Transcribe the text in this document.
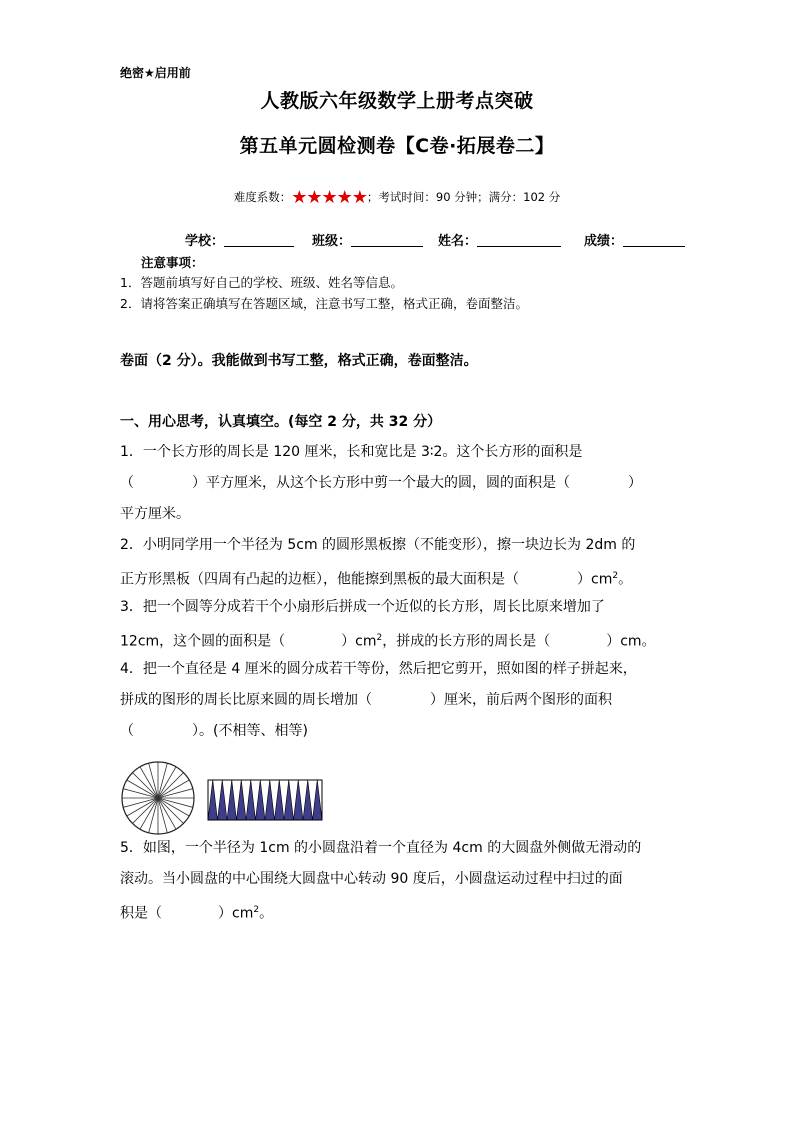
绝密★启用前
人教版六年级数学上册考点突破
第五单元圆检测卷【C卷·拓展卷二】
难度系数：★★★★★；考试时间：90 分钟；满分：102 分
学校：	班级：	姓名：	成绩：
注意事项：
1．答题前填写好自己的学校、班级、姓名等信息。
2．请将答案正确填写在答题区域，注意书写工整，格式正确，卷面整洁。
卷面（2 分）。我能做到书写工整，格式正确，卷面整洁。
一、用心思考，认真填空。(每空 2 分，共 32 分）
1．一个长方形的周长是 120 厘米，长和宽比是 3∶2。这个长方形的面积是
（	）平方厘米，从这个长方形中剪一个最大的圆，圆的面积是（	）
平方厘米。
2．小明同学用一个半径为 5cm 的圆形黑板擦（不能变形），擦一块边长为 2dm 的
正方形黑板（四周有凸起的边框），他能擦到黑板的最大面积是（	）$cm^2$。
3．把一个圆等分成若干个小扇形后拼成一个近似的长方形，周长比原来增加了
12cm，这个圆的面积是（	）$cm^2$，拼成的长方形的周长是（	）cm。
4．把一个直径是 4 厘米的圆分成若干等份，然后把它剪开，照如图的样子拼起来，
拼成的图形的周长比原来圆的周长增加（	）厘米，前后两个图形的面积
（	）。(不相等、相等)
5．如图，一个半径为 1cm 的小圆盘沿着一个直径为 4cm 的大圆盘外侧做无滑动的
滚动。当小圆盘的中心围绕大圆盘中心转动 90 度后，小圆盘运动过程中扫过的面
积是（	）$cm^2$。
